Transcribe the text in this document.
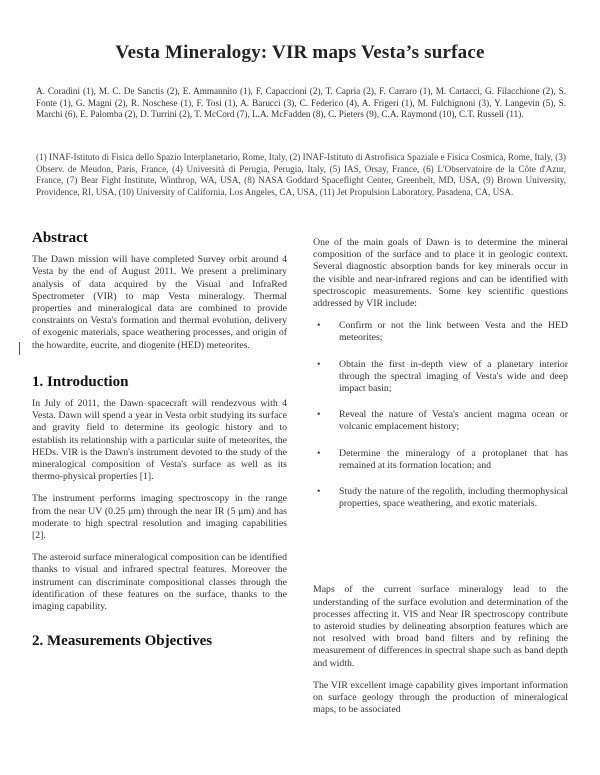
Vesta Mineralogy: VIR maps Vesta’s surface
A. Coradini (1), M. C. De Sanctis (2), E. Ammannito (1), F. Capaccioni (2), T. Capria (2), F. Carraro (1), M. Cartacci, G. Filacchione (2), S. Fonte (1), G. Magni (2), R. Noschese (1), F. Tosi (1), A. Barucci (3), C. Federico (4), A. Frigeri (1), M. Fulchignoni (3), Y. Langevin (5), S. Marchi (6), E. Palomba (2), D. Turrini (2), T. McCord (7), L.A. McFadden (8), C. Pieters (9), C.A. Raymond (10), C.T. Russell (11).
(1) INAF-Istituto di Fisica dello Spazio Interplanetario, Rome, Italy, (2) INAF-Istituto di Astrofisica Spaziale e Fisica Cosmica, Rome, Italy, (3) Observ. de Meudon, Paris, France, (4) Università di Perugia, Perugia, Italy, (5) IAS, Orsay, France, (6) L'Observatoire de la Côte d'Azur, France, (7) Bear Fight Institute, Winthrop, WA, USA, (8) NASA Goddard Spaceflight Center, Greenbelt, MD, USA, (9) Brown University, Providence, RI, USA, (10) University of California, Los Angeles, CA, USA, (11) Jet Propulsion Laboratory, Pasadena, CA, USA.
Abstract
The Dawn mission will have completed Survey orbit around 4 Vesta by the end of August 2011. We present a preliminary analysis of data acquired by the Visual and InfraRed Spectrometer (VIR) to map Vesta mineralogy. Thermal properties and mineralogical data are combined to provide constraints on Vesta's formation and thermal evolution, delivery of exogenic materials, space weathering processes, and origin of the howardite, eucrite, and diogenite (HED) meteorites.
1. Introduction
In July of 2011, the Dawn spacecraft will rendezvous with 4 Vesta. Dawn will spend a year in Vesta orbit studying its surface and gravity field to determine its geologic history and to establish its relationship with a particular suite of meteorites, the HEDs. VIR is the Dawn's instrument devoted to the study of the mineralogical composition of Vesta's surface as well as its thermo-physical properties [1].
The instrument performs imaging spectroscopy in the range from the near UV (0.25 μm) through the near IR (5 μm) and has moderate to high spectral resolution and imaging capabilities [2].
The asteroid surface mineralogical composition can be identified thanks to visual and infrared spectral features. Moreover the instrument can discriminate compositional classes through the identification of these features on the surface, thanks to the imaging capability.
2. Measurements Objectives
One of the main goals of Dawn is to determine the mineral composition of the surface and to place it in geologic context. Several diagnostic absorption bands for key minerals occur in the visible and near-infrared regions and can be identified with spectroscopic measurements. Some key scientific questions addressed by VIR include:
• Confirm or not the link between Vesta and the HED meteorites;
• Obtain the first in-depth view of a planetary interior through the spectral imaging of Vesta's wide and deep impact basin;
• Reveal the nature of Vesta's ancient magma ocean or volcanic emplacement history;
• Determine the mineralogy of a protoplanet that has remained at its formation location; and
• Study the nature of the regolith, including thermophysical properties, space weathering, and exotic materials.
Maps of the current surface mineralogy lead to the understanding of the surface evolution and determination of the processes affecting it. VIS and Near IR spectroscopy contribute to asteroid studies by delineating absorption features which are not resolved with broad band filters and by refining the measurement of differences in spectral shape such as band depth and width.
The VIR excellent image capability gives important information on surface geology through the production of mineralogical maps, to be associated
